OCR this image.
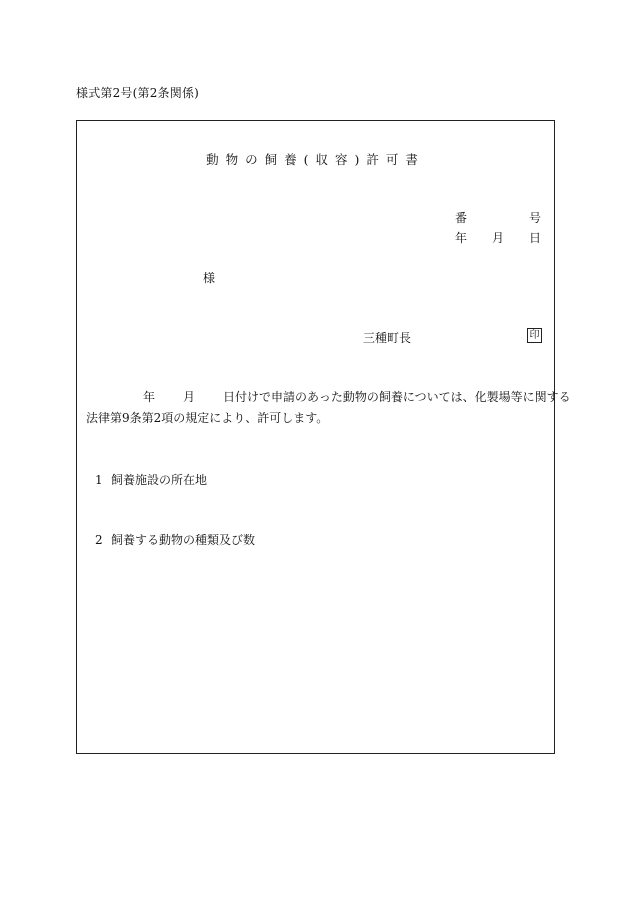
様式第2号(第2条関係)
動物の飼養(収容)許可書
番	号
年 月 日
様
三種町長	印
年 月 日付けで申請のあった動物の飼養については、化製場等に関する
法律第9条第2項の規定により、許可します。
1 飼養施設の所在地
2 飼養する動物の種類及び数
